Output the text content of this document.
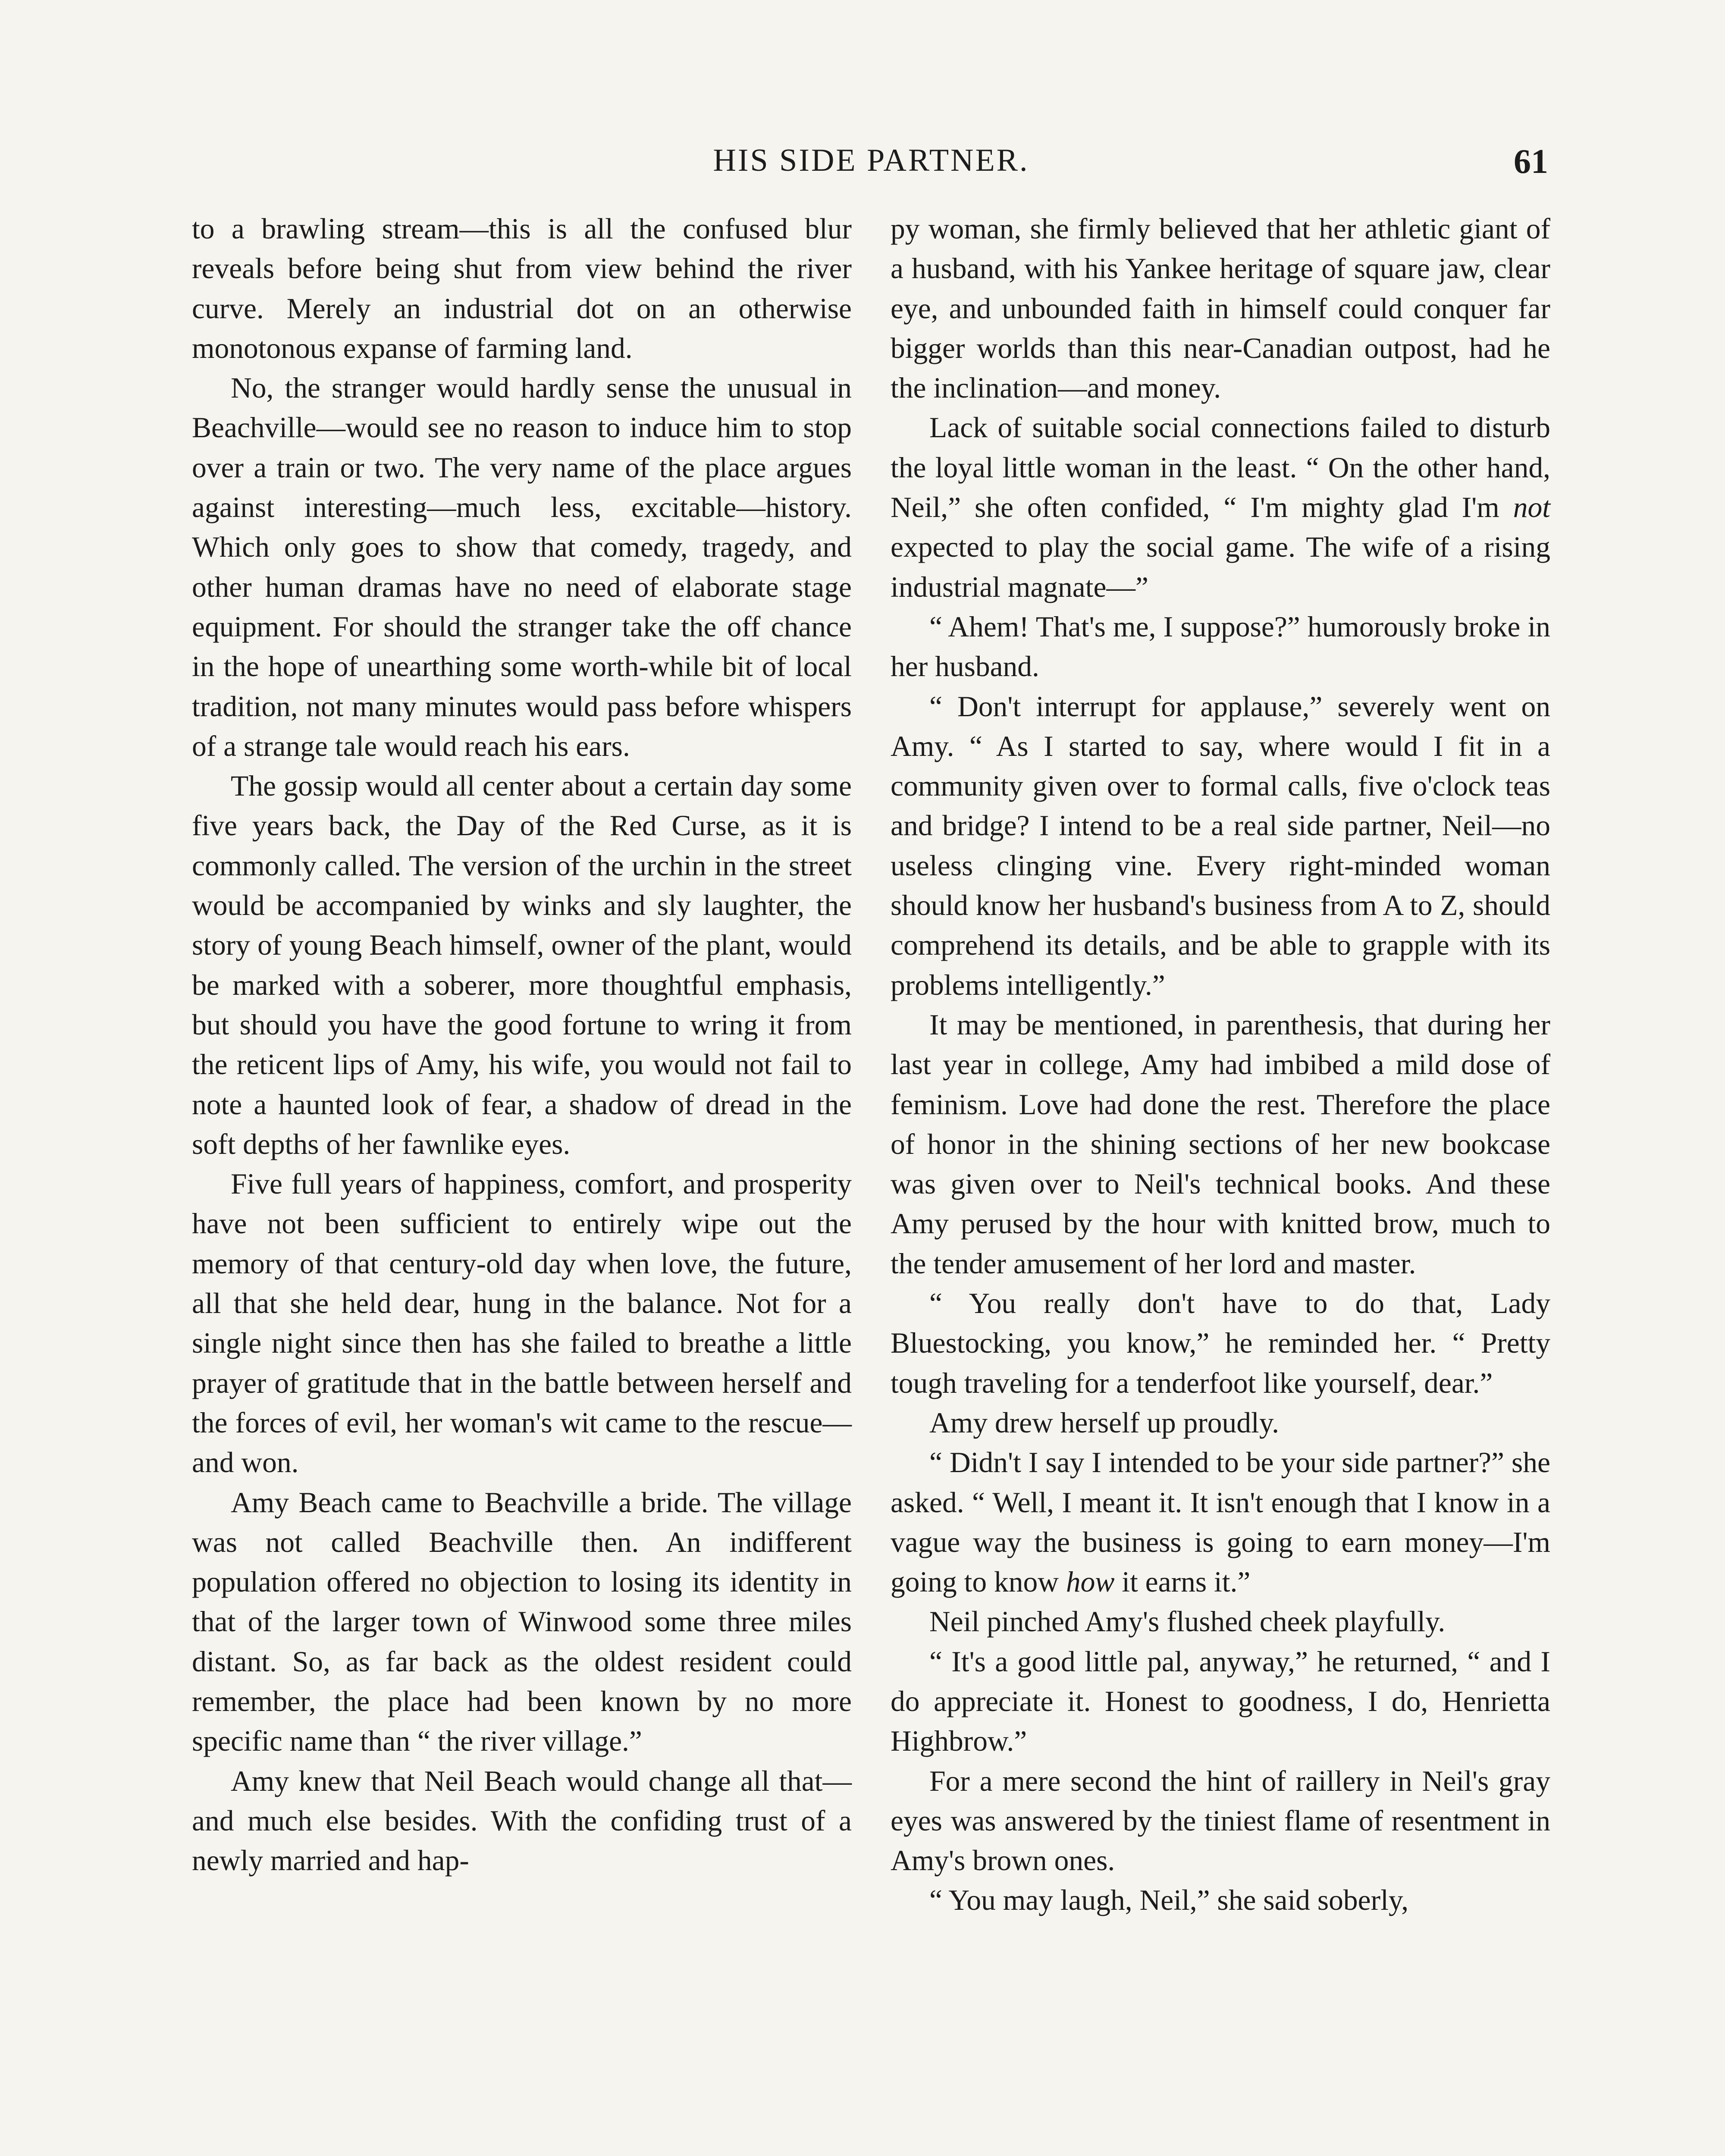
HIS SIDE PARTNER.	61

to a brawling stream—this is all the confused blur reveals before being shut from view behind the river curve. Merely an industrial dot on an otherwise monotonous expanse of farming land.

No, the stranger would hardly sense the unusual in Beachville—would see no reason to induce him to stop over a train or two. The very name of the place argues against interesting—much less, excitable—history. Which only goes to show that comedy, tragedy, and other human dramas have no need of elaborate stage equipment. For should the stranger take the off chance in the hope of unearthing some worth-while bit of local tradition, not many minutes would pass before whispers of a strange tale would reach his ears.

The gossip would all center about a certain day some five years back, the Day of the Red Curse, as it is commonly called. The version of the urchin in the street would be accompanied by winks and sly laughter, the story of young Beach himself, owner of the plant, would be marked with a soberer, more thoughtful emphasis, but should you have the good fortune to wring it from the reticent lips of Amy, his wife, you would not fail to note a haunted look of fear, a shadow of dread in the soft depths of her fawnlike eyes.

Five full years of happiness, comfort, and prosperity have not been sufficient to entirely wipe out the memory of that century-old day when love, the future, all that she held dear, hung in the balance. Not for a single night since then has she failed to breathe a little prayer of gratitude that in the battle between herself and the forces of evil, her woman's wit came to the rescue—and won.

Amy Beach came to Beachville a bride. The village was not called Beachville then. An indifferent population offered no objection to losing its identity in that of the larger town of Winwood some three miles distant. So, as far back as the oldest resident could remember, the place had been known by no more specific name than “ the river village.”

Amy knew that Neil Beach would change all that—and much else besides. With the confiding trust of a newly married and hap-

py woman, she firmly believed that her athletic giant of a husband, with his Yankee heritage of square jaw, clear eye, and unbounded faith in himself could conquer far bigger worlds than this near-Canadian outpost, had he the inclination—and money.

Lack of suitable social connections failed to disturb the loyal little woman in the least. “ On the other hand, Neil,” she often confided, “ I'm mighty glad I'm not expected to play the social game. The wife of a rising industrial magnate—”

“ Ahem! That's me, I suppose?” humorously broke in her husband.

“ Don't interrupt for applause,” severely went on Amy. “ As I started to say, where would I fit in a community given over to formal calls, five o'clock teas and bridge? I intend to be a real side partner, Neil—no useless clinging vine. Every right-minded woman should know her husband's business from A to Z, should comprehend its details, and be able to grapple with its problems intelligently.”

It may be mentioned, in parenthesis, that during her last year in college, Amy had imbibed a mild dose of feminism. Love had done the rest. Therefore the place of honor in the shining sections of her new bookcase was given over to Neil's technical books. And these Amy perused by the hour with knitted brow, much to the tender amusement of her lord and master.

“ You really don't have to do that, Lady Bluestocking, you know,” he reminded her. “ Pretty tough traveling for a tenderfoot like yourself, dear.”

Amy drew herself up proudly.

“ Didn't I say I intended to be your side partner?” she asked. “ Well, I meant it. It isn't enough that I know in a vague way the business is going to earn money—I'm going to know how it earns it.”

Neil pinched Amy's flushed cheek playfully.

“ It's a good little pal, anyway,” he returned, “ and I do appreciate it. Honest to goodness, I do, Henrietta Highbrow.”

For a mere second the hint of raillery in Neil's gray eyes was answered by the tiniest flame of resentment in Amy's brown ones.

“ You may laugh, Neil,” she said soberly,
